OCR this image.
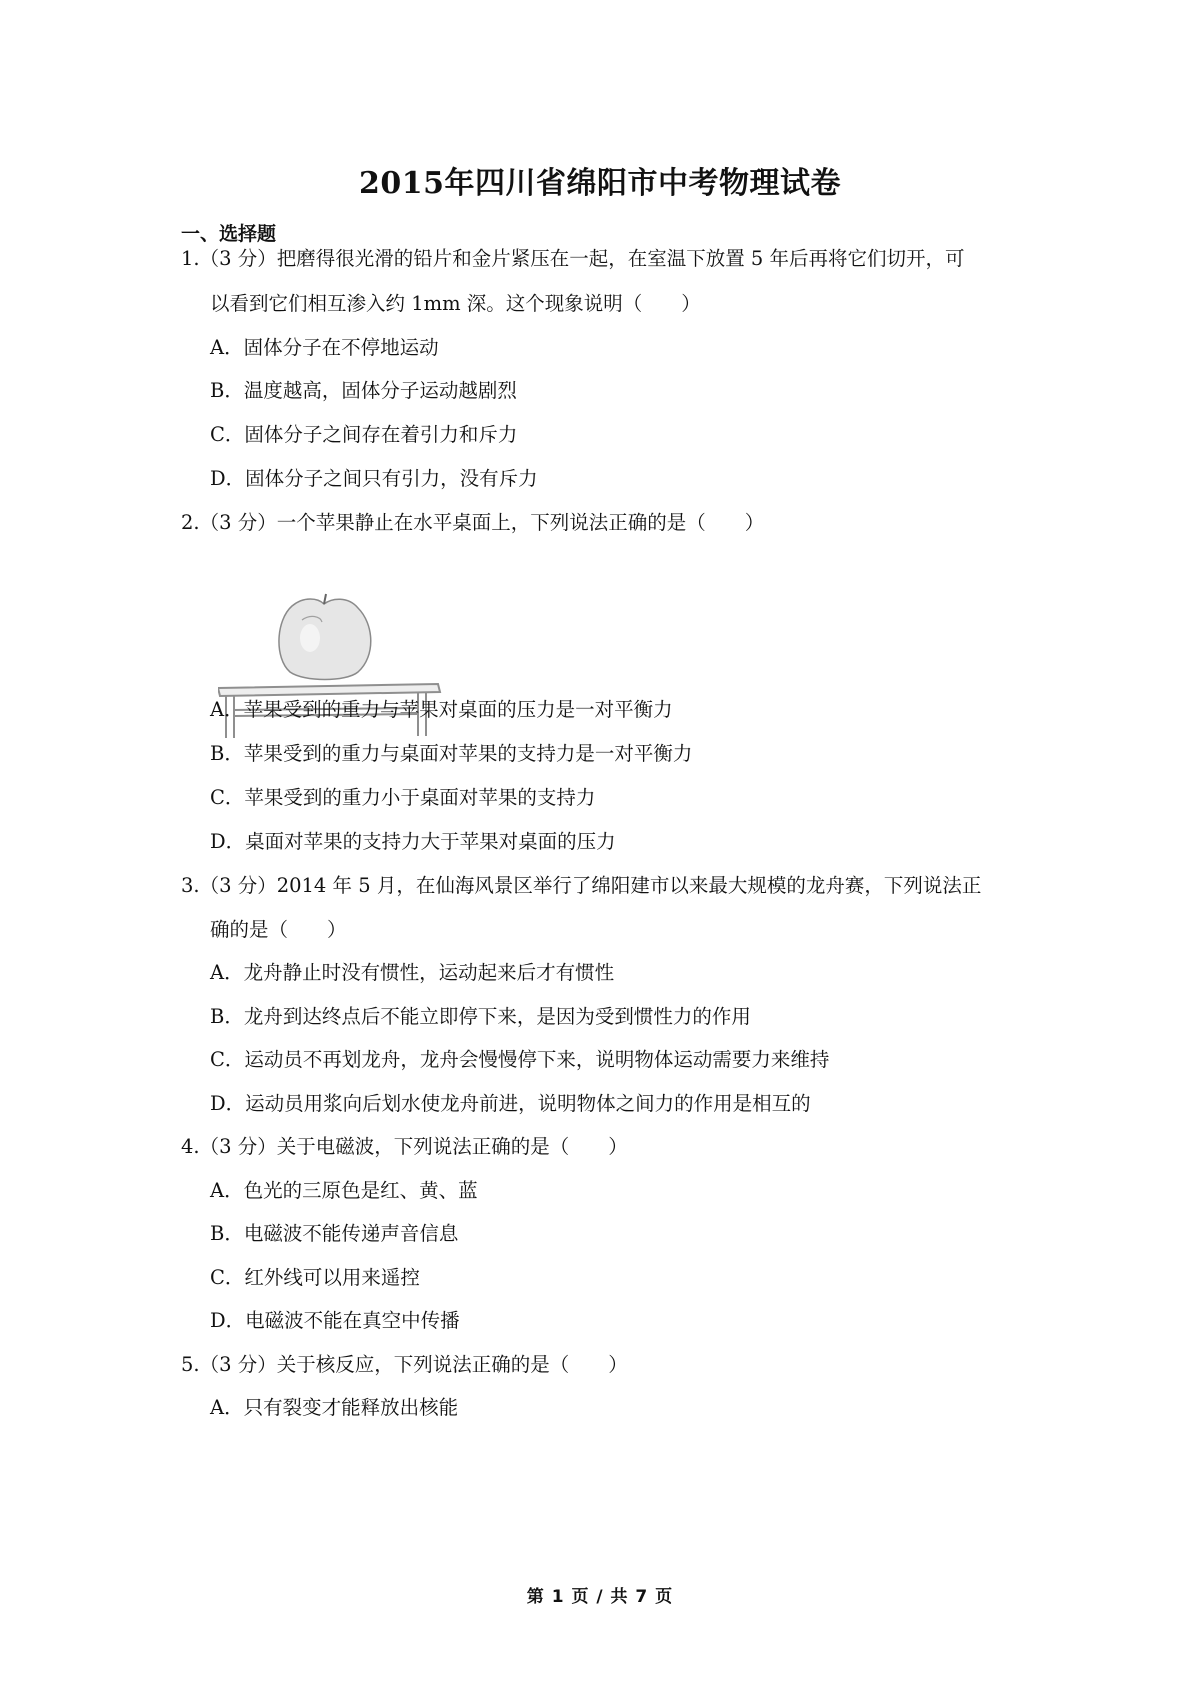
2015年四川省绵阳市中考物理试卷
一、选择题
1.（3 分）把磨得很光滑的铅片和金片紧压在一起，在室温下放置 5 年后再将它们切开，可
以看到它们相互渗入约 1mm 深。这个现象说明（　　）
A．固体分子在不停地运动
B．温度越高，固体分子运动越剧烈
C．固体分子之间存在着引力和斥力
D．固体分子之间只有引力，没有斥力
2.（3 分）一个苹果静止在水平桌面上，下列说法正确的是（　　）
A．苹果受到的重力与苹果对桌面的压力是一对平衡力
B．苹果受到的重力与桌面对苹果的支持力是一对平衡力
C．苹果受到的重力小于桌面对苹果的支持力
D．桌面对苹果的支持力大于苹果对桌面的压力
3.（3 分）2014 年 5 月，在仙海风景区举行了绵阳建市以来最大规模的龙舟赛，下列说法正
确的是（　　）
A．龙舟静止时没有惯性，运动起来后才有惯性
B．龙舟到达终点后不能立即停下来，是因为受到惯性力的作用
C．运动员不再划龙舟，龙舟会慢慢停下来，说明物体运动需要力来维持
D．运动员用浆向后划水使龙舟前进，说明物体之间力的作用是相互的
4.（3 分）关于电磁波，下列说法正确的是（　　）
A．色光的三原色是红、黄、蓝
B．电磁波不能传递声音信息
C．红外线可以用来遥控
D．电磁波不能在真空中传播
5.（3 分）关于核反应，下列说法正确的是（　　）
A．只有裂变才能释放出核能
第 1 页 / 共 7 页
